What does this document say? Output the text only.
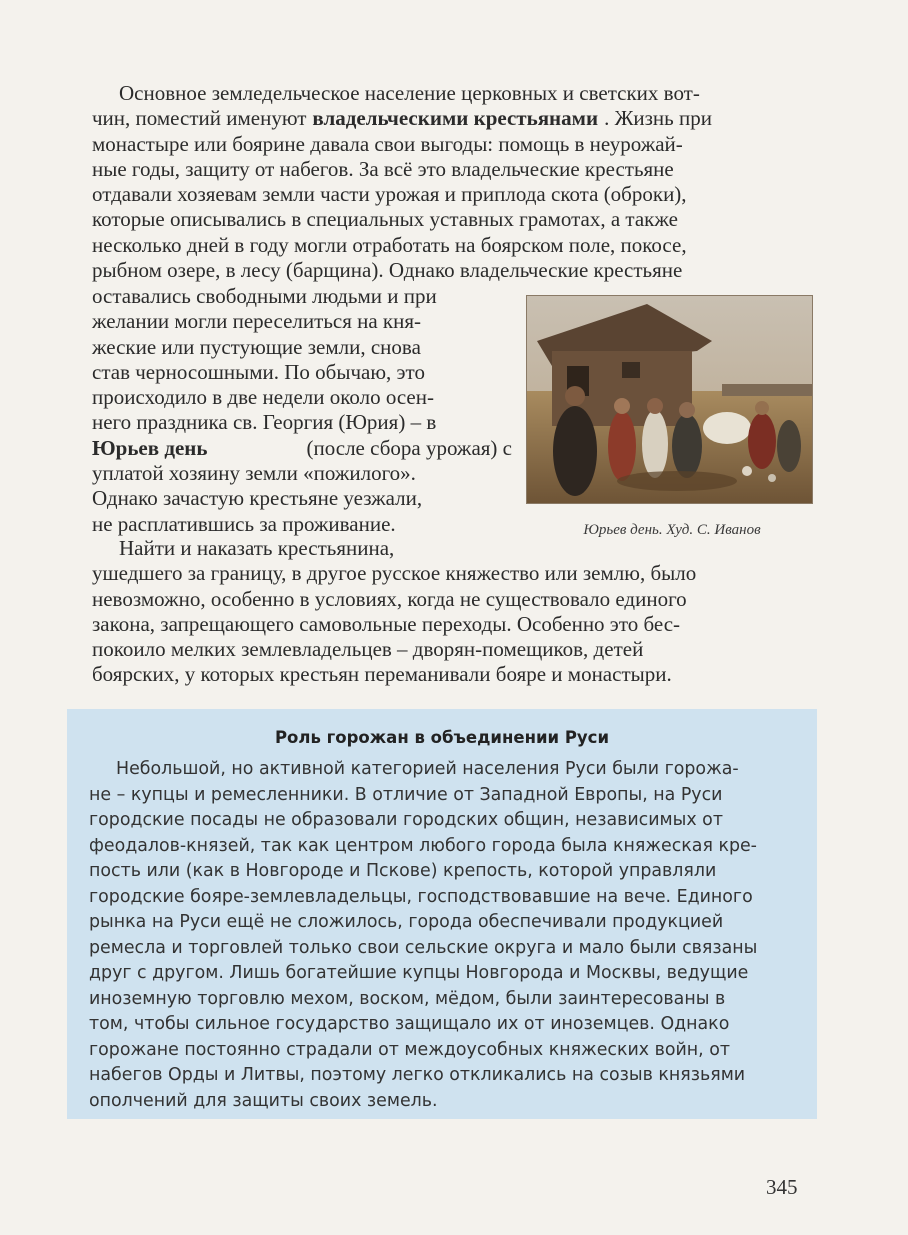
Основное земледельческое население церковных и светских вот-
чин, поместий именуют владельческими крестьянами . Жизнь при
монастыре или боярине давала свои выгоды: помощь в неурожай-
ные годы, защиту от набегов. За всё это владельческие крестьяне
отдавали хозяевам земли части урожая и приплода скота (оброки),
которые описывались в специальных уставных грамотах, а также
несколько дней в году могли отработать на боярском поле, покосе,
рыбном озере, в лесу (барщина). Однако владельческие крестьяне
оставались свободными людьми и при
желании могли переселиться на кня-
жеские или пустующие земли, снова
став черносошными. По обычаю, это
происходило в две недели около осен-
него праздника св. Георгия (Юрия) – в
Юрьев день	(после сбора урожая) с
уплатой хозяину земли «пожилого».
Однако зачастую крестьяне уезжали,
не расплатившись за проживание.	Юрьев день. Худ. С. Иванов
Найти и наказать крестьянина,
ушедшего за границу, в другое русское княжество или землю, было
невозможно, особенно в условиях, когда не существовало единого
закона, запрещающего самовольные переходы. Особенно это бес-
покоило мелких землевладельцев – дворян-помещиков, детей
боярских, у которых крестьян переманивали бояре и монастыри.
Роль горожан в объединении Руси
Небольшой, но активной категорией населения Руси были горожа-
не – купцы и ремесленники. В отличие от Западной Европы, на Руси
городские посады не образовали городских общин, независимых от
феодалов-князей, так как центром любого города была княжеская кре-
пость или (как в Новгороде и Пскове) крепость, которой управляли
городские бояре-землевладельцы, господствовавшие на вече. Единого
рынка на Руси ещё не сложилось, города обеспечивали продукцией
ремесла и торговлей только свои сельские округа и мало были связаны
друг с другом. Лишь богатейшие купцы Новгорода и Москвы, ведущие
иноземную торговлю мехом, воском, мёдом, были заинтересованы в
том, чтобы сильное государство защищало их от иноземцев. Однако
горожане постоянно страдали от междоусобных княжеских войн, от
набегов Орды и Литвы, поэтому легко откликались на созыв князьями
ополчений для защиты своих земель.
345
